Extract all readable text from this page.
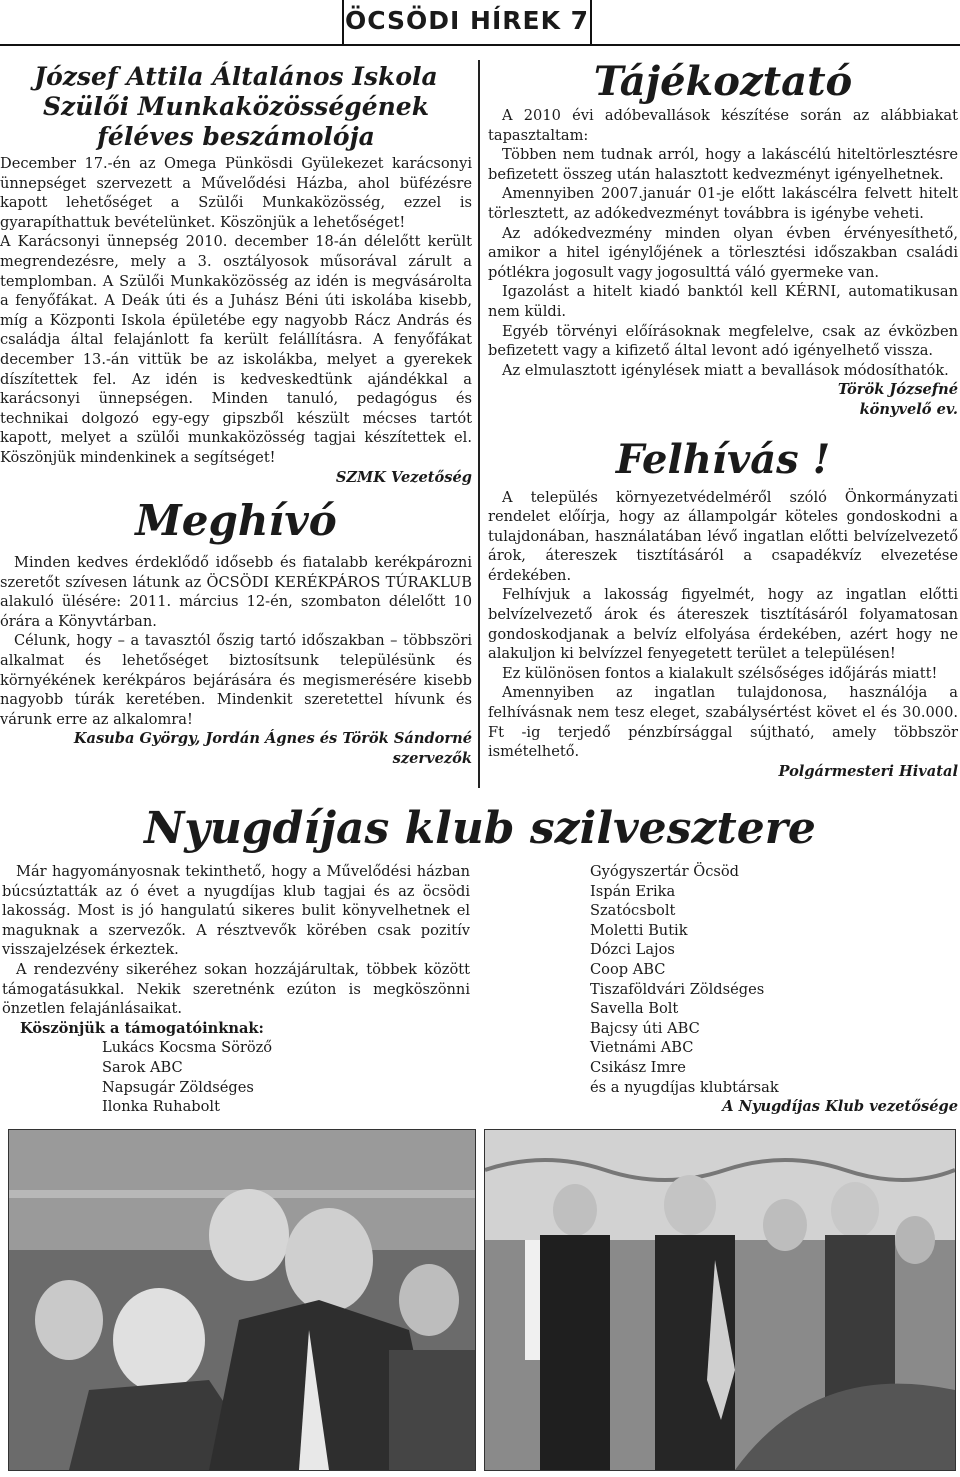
ÖCSÖDI HÍREK 7
József Attila Általános Iskola
Szülői Munkaközösségének
féléves beszámolója

December 17.-én az Omega Pünkösdi Gyülekezet karácsonyi ünnepséget szervezett a Művelődési Házba, ahol büfézésre kapott lehetőséget a Szülői Munkaközösség, ezzel is gyarapíthattuk bevételünket. Köszönjük a lehetőséget!

A Karácsonyi ünnepség 2010. december 18-án délelőtt került megrendezésre, mely a 3. osztályosok műsorával zárult a templomban. A Szülői Munkaközösség az idén is megvásárolta a fenyőfákat. A Deák úti és a Juhász Béni úti iskolába kisebb, míg a Központi Iskola épületébe egy nagyobb Rácz András és családja által felajánlott fa került felállításra. A fenyőfákat december 13.-án vittük be az iskolákba, melyet a gyerekek díszítettek fel. Az idén is kedveskedtünk ajándékkal a karácsonyi ünnepségen. Minden tanuló, pedagógus és technikai dolgozó egy-egy gipszből készült mécses tartót kapott, melyet a szülői munkaközösség tagjai készítettek el. Köszönjük mindenkinek a segítséget!

SZMK Vezetőség

Meghívó

Minden kedves érdeklődő idősebb és fiatalabb kerékpározni szeretőt szívesen látunk az ÖCSÖDI KERÉKPÁROS TÚRAKLUB alakuló ülésére: 2011. március 12-én, szombaton délelőtt 10 órára a Könyvtárban.

Célunk, hogy – a tavasztól őszig tartó időszakban – többszöri alkalmat és lehetőséget biztosítsunk településünk és környékének kerékpáros bejárására és megismerésére kisebb nagyobb túrák keretében. Mindenkit szeretettel hívunk és várunk erre az alkalomra!

Kasuba György, Jordán Ágnes és Török Sándorné

szervezők

Tájékoztató

A 2010 évi adóbevallások készítése során az alábbiakat tapasztaltam:

Többen nem tudnak arról, hogy a lakáscélú hiteltörlesztésre befizetett összeg után halasztott kedvezményt igényelhetnek.

Amennyiben 2007.január 01-je előtt lakáscélra felvett hitelt törlesztett, az adókedvezményt továbbra is igénybe veheti.

Az adókedvezmény minden olyan évben érvényesíthető, amikor a hitel igénylőjének a törlesztési időszakban családi pótlékra jogosult vagy jogosulttá váló gyermeke van.

Igazolást a hitelt kiadó banktól kell KÉRNI, automatikusan nem küldi.

Egyéb törvényi előírásoknak megfelelve, csak az évközben befizetett vagy a kifizető által levont adó igényelhető vissza.

Az elmulasztott igénylések miatt a bevallások módosíthatók.

Török Józsefné

könyvelő ev.

Felhívás !

A település környezetvédelméről szóló Önkormányzati rendelet előírja, hogy az állampolgár köteles gondoskodni a tulajdonában, használatában lévő ingatlan előtti belvízelvezető árok, átereszek tisztításáról a csapadékvíz elvezetése érdekében.

Felhívjuk a lakosság figyelmét, hogy az ingatlan előtti belvízelvezető árok és átereszek tisztításáról folyamatosan gondoskodjanak a belvíz elfolyása érdekében, azért hogy ne alakuljon ki belvízzel fenyegetett terület a településen!

Ez különösen fontos a kialakult szélsőséges időjárás miatt!

Amennyiben az ingatlan tulajdonosa, használója a felhívásnak nem tesz eleget, szabálysértést követ el és 30.000. Ft -ig terjedő pénzbírsággal sújtható, amely többször ismételhető.

Polgármesteri Hivatal

Nyugdíjas klub szilvesztere

Már hagyományosnak tekinthető, hogy a Művelődési házban búcsúztatták az ó évet a nyugdíjas klub tagjai és az öcsödi lakosság. Most is jó hangulatú sikeres bulit könyvelhetnek el maguknak a szervezők. A résztvevők körében csak pozitív visszajelzések érkeztek.

A rendezvény sikeréhez sokan hozzájárultak, többek között támogatásukkal. Nekik szeretnénk ezúton is megköszönni önzetlen felajánlásaikat.

Köszönjük a támogatóinknak:

Lukács Kocsma Söröző
Sarok ABC
Napsugár Zöldséges
Ilonka Ruhabolt
Gyógyszertár Öcsöd
Ispán Erika
Szatócsbolt
Moletti Butik
Dózci Lajos
Coop ABC
Tiszaföldvári Zöldséges
Savella Bolt
Bajcsy úti ABC
Vietnámi ABC
Csikász Imre
és a nyugdíjas klubtársak

A Nyugdíjas Klub vezetősége
